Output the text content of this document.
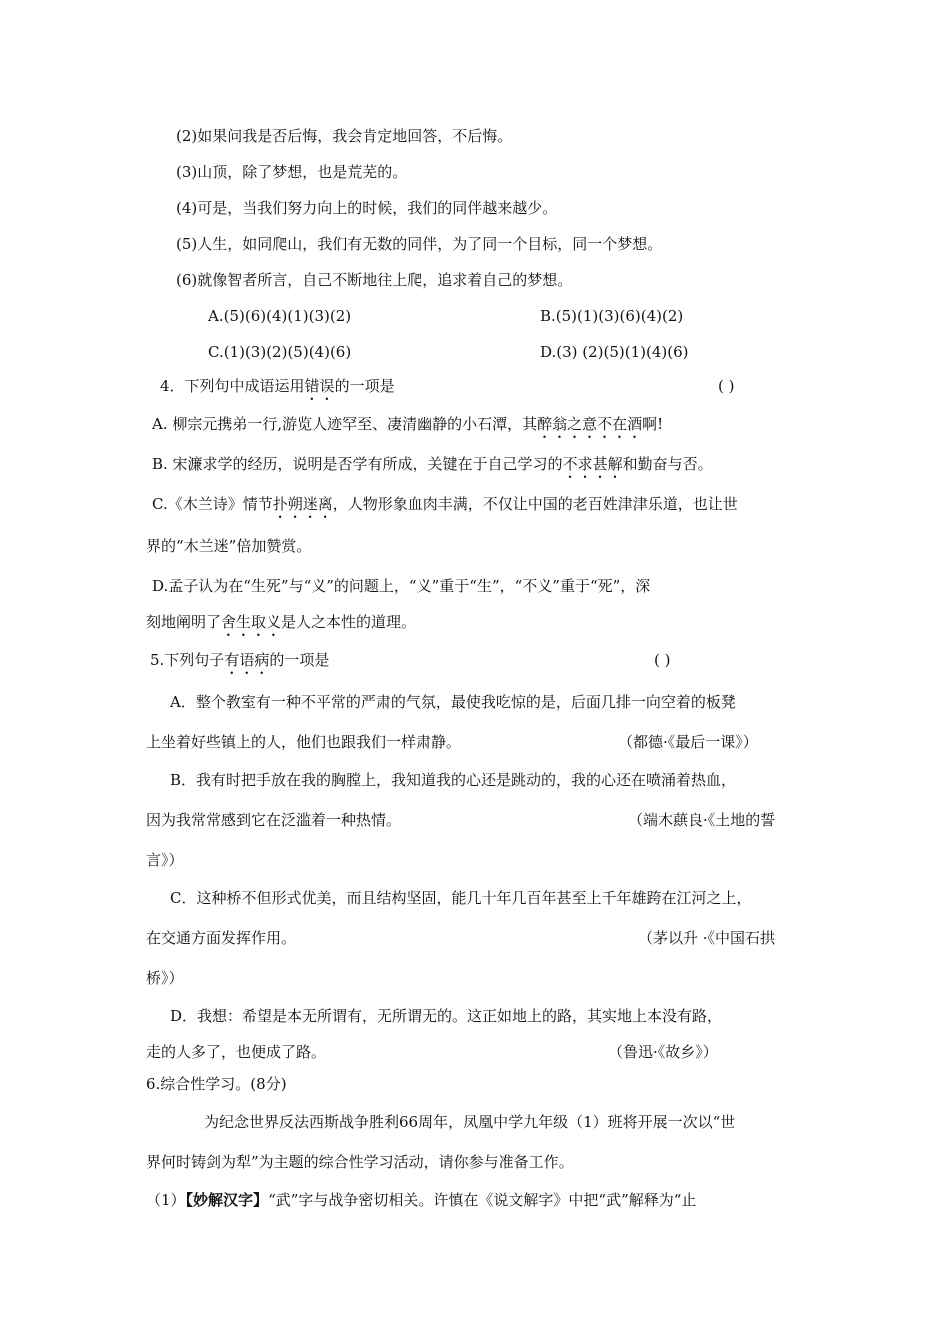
(2)如果问我是否后悔，我会肯定地回答，不后悔。
(3)山顶，除了梦想，也是荒芜的。
(4)可是，当我们努力向上的时候，我们的同伴越来越少。
(5)人生，如同爬山，我们有无数的同伴，为了同一个目标，同一个梦想。
(6)就像智者所言，自己不断地往上爬，追求着自己的梦想。
A.(5)(6)(4)(1)(3)(2)	B.(5)(1)(3)(6)(4)(2)
C.(1)(3)(2)(5)(4)(6)	D.(3) (2)(5)(1)(4)(6)
4．下列句中成语运用错误的一项是	( )
A. 柳宗元携弟一行,游览人迹罕至、凄清幽静的小石潭，其醉翁之意不在酒啊!
B. 宋濂求学的经历，说明是否学有所成，关键在于自己学习的不求甚解和勤奋与否。
C.《木兰诗》情节扑朔迷离，人物形象血肉丰满，不仅让中国的老百姓津津乐道，也让世
界的“木兰迷”倍加赞赏。
D.孟子认为在“生死”与“义”的问题上，“义”重于“生”，“不义”重于“死”，深
刻地阐明了舍生取义是人之本性的道理。
5.下列句子有语病的一项是	( )
A．整个教室有一种不平常的严肃的气氛，最使我吃惊的是，后面几排一向空着的板凳
上坐着好些镇上的人，他们也跟我们一样肃静。	（都德·《最后一课》）
B．我有时把手放在我的胸膛上，我知道我的心还是跳动的，我的心还在喷涌着热血，
因为我常常感到它在泛滥着一种热情。	（端木蕻良·《土地的誓
言》）
C．这种桥不但形式优美，而且结构坚固，能几十年几百年甚至上千年雄跨在江河之上，
在交通方面发挥作用。	（茅以升 ·《中国石拱
桥》）
D．我想：希望是本无所谓有，无所谓无的。这正如地上的路，其实地上本没有路，
走的人多了，也便成了路。	（鲁迅·《故乡》）
6.综合性学习。(8分)
为纪念世界反法西斯战争胜利66周年，凤凰中学九年级（1）班将开展一次以“世
界何时铸剑为犁”为主题的综合性学习活动，请你参与准备工作。
（1）【妙解汉字】“武”字与战争密切相关。许慎在《说文解字》中把“武”解释为“止
